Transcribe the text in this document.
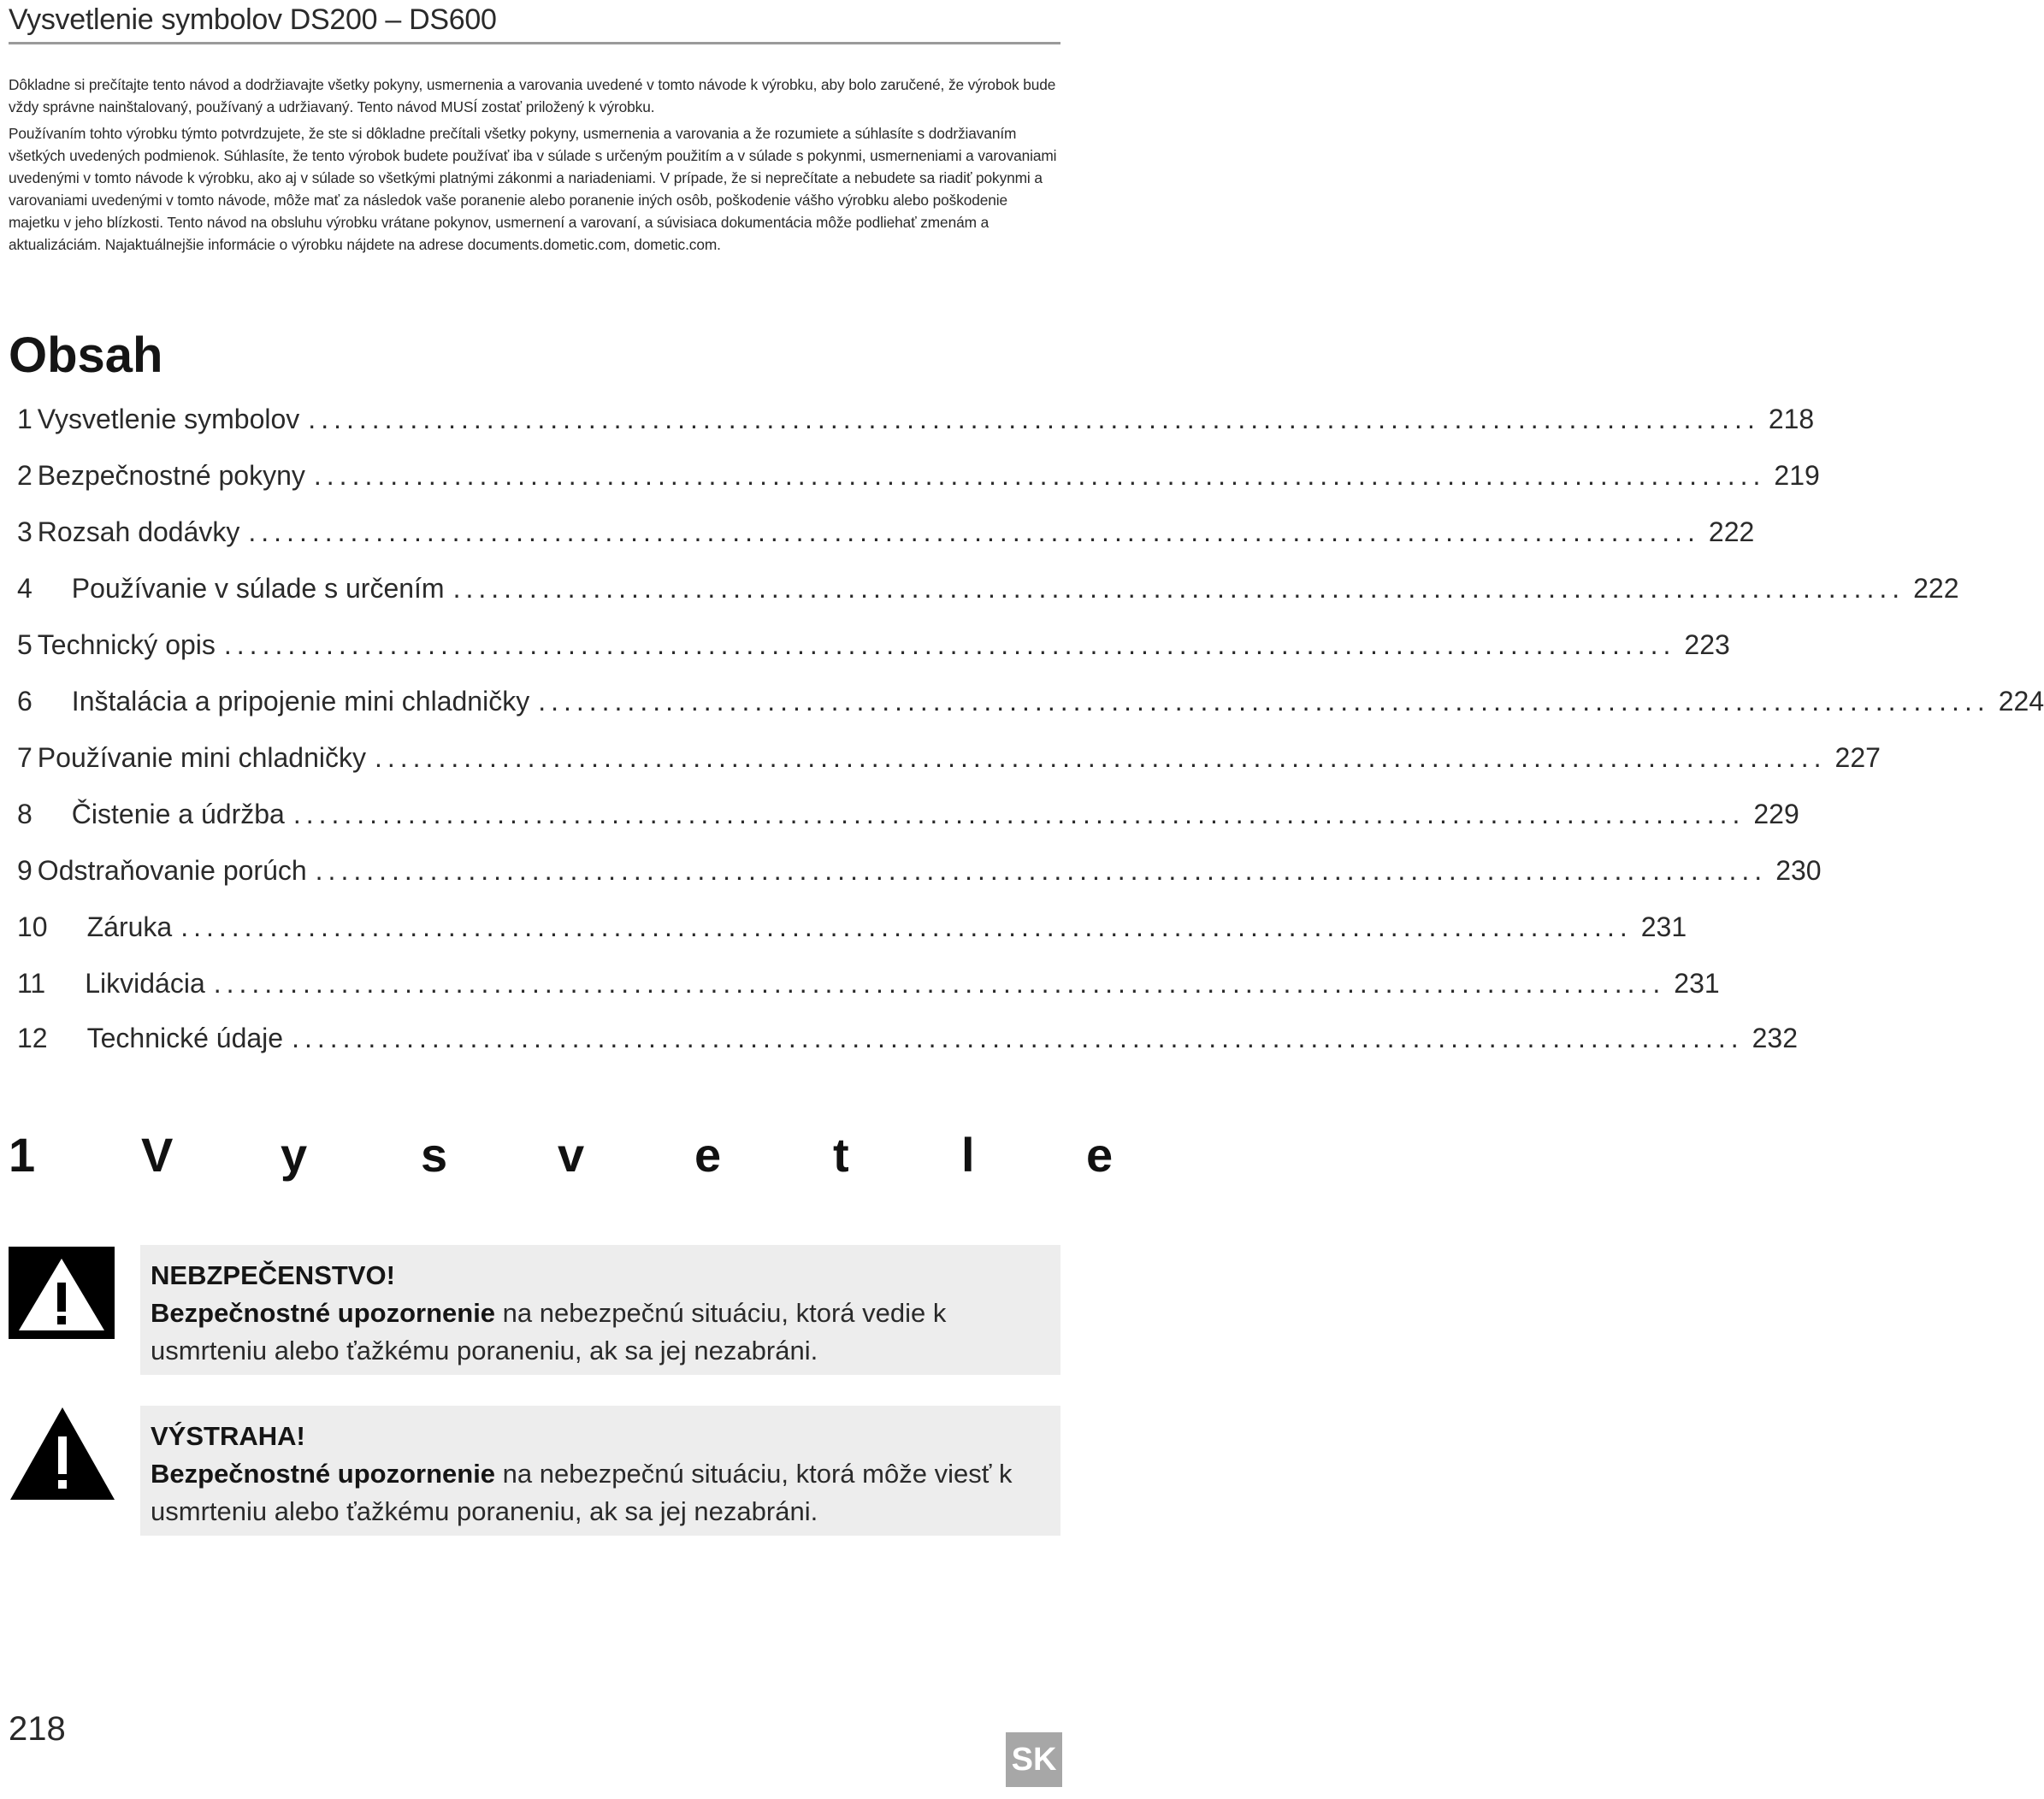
Vysvetlenie symbolov DS200 – DS600

Dôkladne si prečítajte tento návod a dodržiavajte všetky pokyny, usmernenia a varovania uvedené v tomto návode k výrobku, aby bolo zaručené, že výrobok bude vždy správne nainštalovaný, používaný a udržiavaný. Tento návod MUSÍ zostať priložený k výrobku.

Používaním tohto výrobku týmto potvrdzujete, že ste si dôkladne prečítali všetky pokyny, usmernenia a varovania a že rozumiete a súhlasíte s dodržiavaním všetkých uvedených podmienok. Súhlasíte, že tento výrobok budete používať iba v súlade s určeným použitím a v súlade s pokynmi, usmerneniami a varovaniami uvedenými v tomto návode k výrobku, ako aj v súlade so všetkými platnými zákonmi a nariadeniami. V prípade, že si neprečítate a nebudete sa riadiť pokynmi a varovaniami uvedenými v tomto návode, môže mať za následok vaše poranenie alebo poranenie iných osôb, poškodenie vášho výrobku alebo poškodenie majetku v jeho blízkosti. Tento návod na obsluhu výrobku vrátane pokynov, usmernení a varovaní, a súvisiaca dokumentácia môže podliehať zmenám a aktualizáciám. Najaktuálnejšie informácie o výrobku nájdete na adrese documents.dometic.com, dometic.com.

Obsah
1 Vysvetlenie symbolov .................................................................................................................. 218
2 Bezpečnostné pokyny .................................................................................................................. 219
3 Rozsah dodávky .................................................................................................................. 222
4	Používanie v súlade s určením .................................................................................................................. 222
5 Technický opis .................................................................................................................. 223
6	Inštalácia a pripojenie mini chladničky .................................................................................................................. 224
7 Používanie mini chladničky .................................................................................................................. 227
8	Čistenie a údržba .................................................................................................................. 229
9 Odstraňovanie porúch .................................................................................................................. 230
10	Záruka .................................................................................................................. 231
11	Likvidácia .................................................................................................................. 231
12	Technické údaje .................................................................................................................. 232
1 V y s v e t l e
NEBZPEČENSTVO!
Bezpečnostné upozornenie na nebezpečnú situáciu, ktorá vedie k usmrteniu alebo ťažkému poraneniu, ak sa jej nezabráni.
VÝSTRAHA!
Bezpečnostné upozornenie na nebezpečnú situáciu, ktorá môže viesť k usmrteniu alebo ťažkému poraneniu, ak sa jej nezabráni.
218
SK
